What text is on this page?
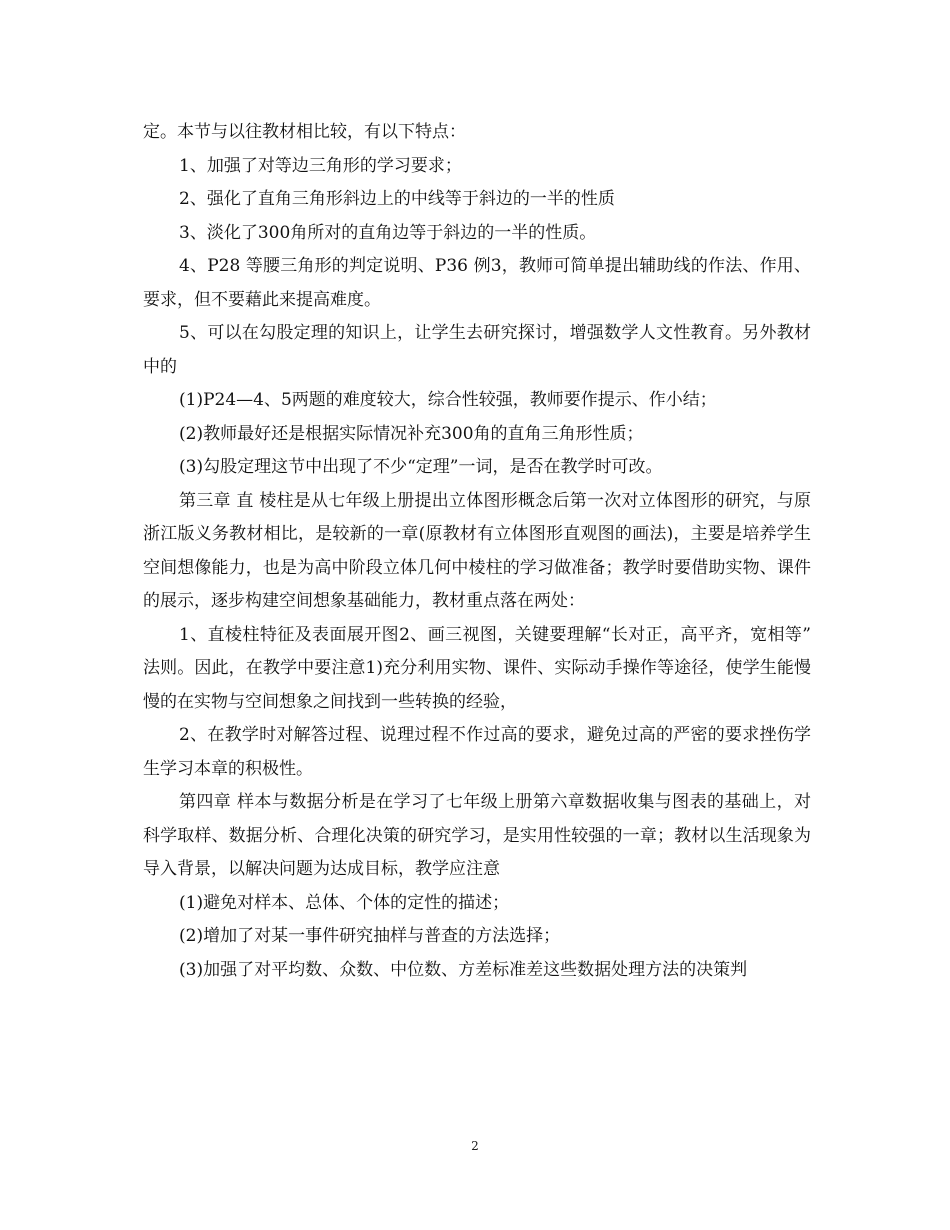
定。本节与以往教材相比较，有以下特点：

1、加强了对等边三角形的学习要求；

2、强化了直角三角形斜边上的中线等于斜边的一半的性质

3、淡化了300角所对的直角边等于斜边的一半的性质。

4、P28 等腰三角形的判定说明、P36 例3，教师可简单提出辅助线的作法、作用、要求，但不要藉此来提高难度。

5、可以在勾股定理的知识上，让学生去研究探讨，增强数学人文性教育。另外教材中的

(1)P24—4、5两题的难度较大，综合性较强，教师要作提示、作小结；

(2)教师最好还是根据实际情况补充300角的直角三角形性质；

(3)勾股定理这节中出现了不少“定理”一词，是否在教学时可改。

第三章 直 棱柱是从七年级上册提出立体图形概念后第一次对立体图形的研究，与原浙江版义务教材相比，是较新的一章(原教材有立体图形直观图的画法)，主要是培养学生空间想像能力，也是为高中阶段立体几何中棱柱的学习做准备；教学时要借助实物、课件的展示，逐步构建空间想象基础能力，教材重点落在两处：

1、直棱柱特征及表面展开图2、画三视图，关键要理解“长对正，高平齐，宽相等”法则。因此，在教学中要注意1)充分利用实物、课件、实际动手操作等途径，使学生能慢慢的在实物与空间想象之间找到一些转换的经验，

2、在教学时对解答过程、说理过程不作过高的要求，避免过高的严密的要求挫伤学生学习本章的积极性。

第四章 样本与数据分析是在学习了七年级上册第六章数据收集与图表的基础上，对科学取样、数据分析、合理化决策的研究学习，是实用性较强的一章；教材以生活现象为导入背景，以解决问题为达成目标，教学应注意

(1)避免对样本、总体、个体的定性的描述；

(2)增加了对某一事件研究抽样与普查的方法选择；

(3)加强了对平均数、众数、中位数、方差标准差这些数据处理方法的决策判

2
